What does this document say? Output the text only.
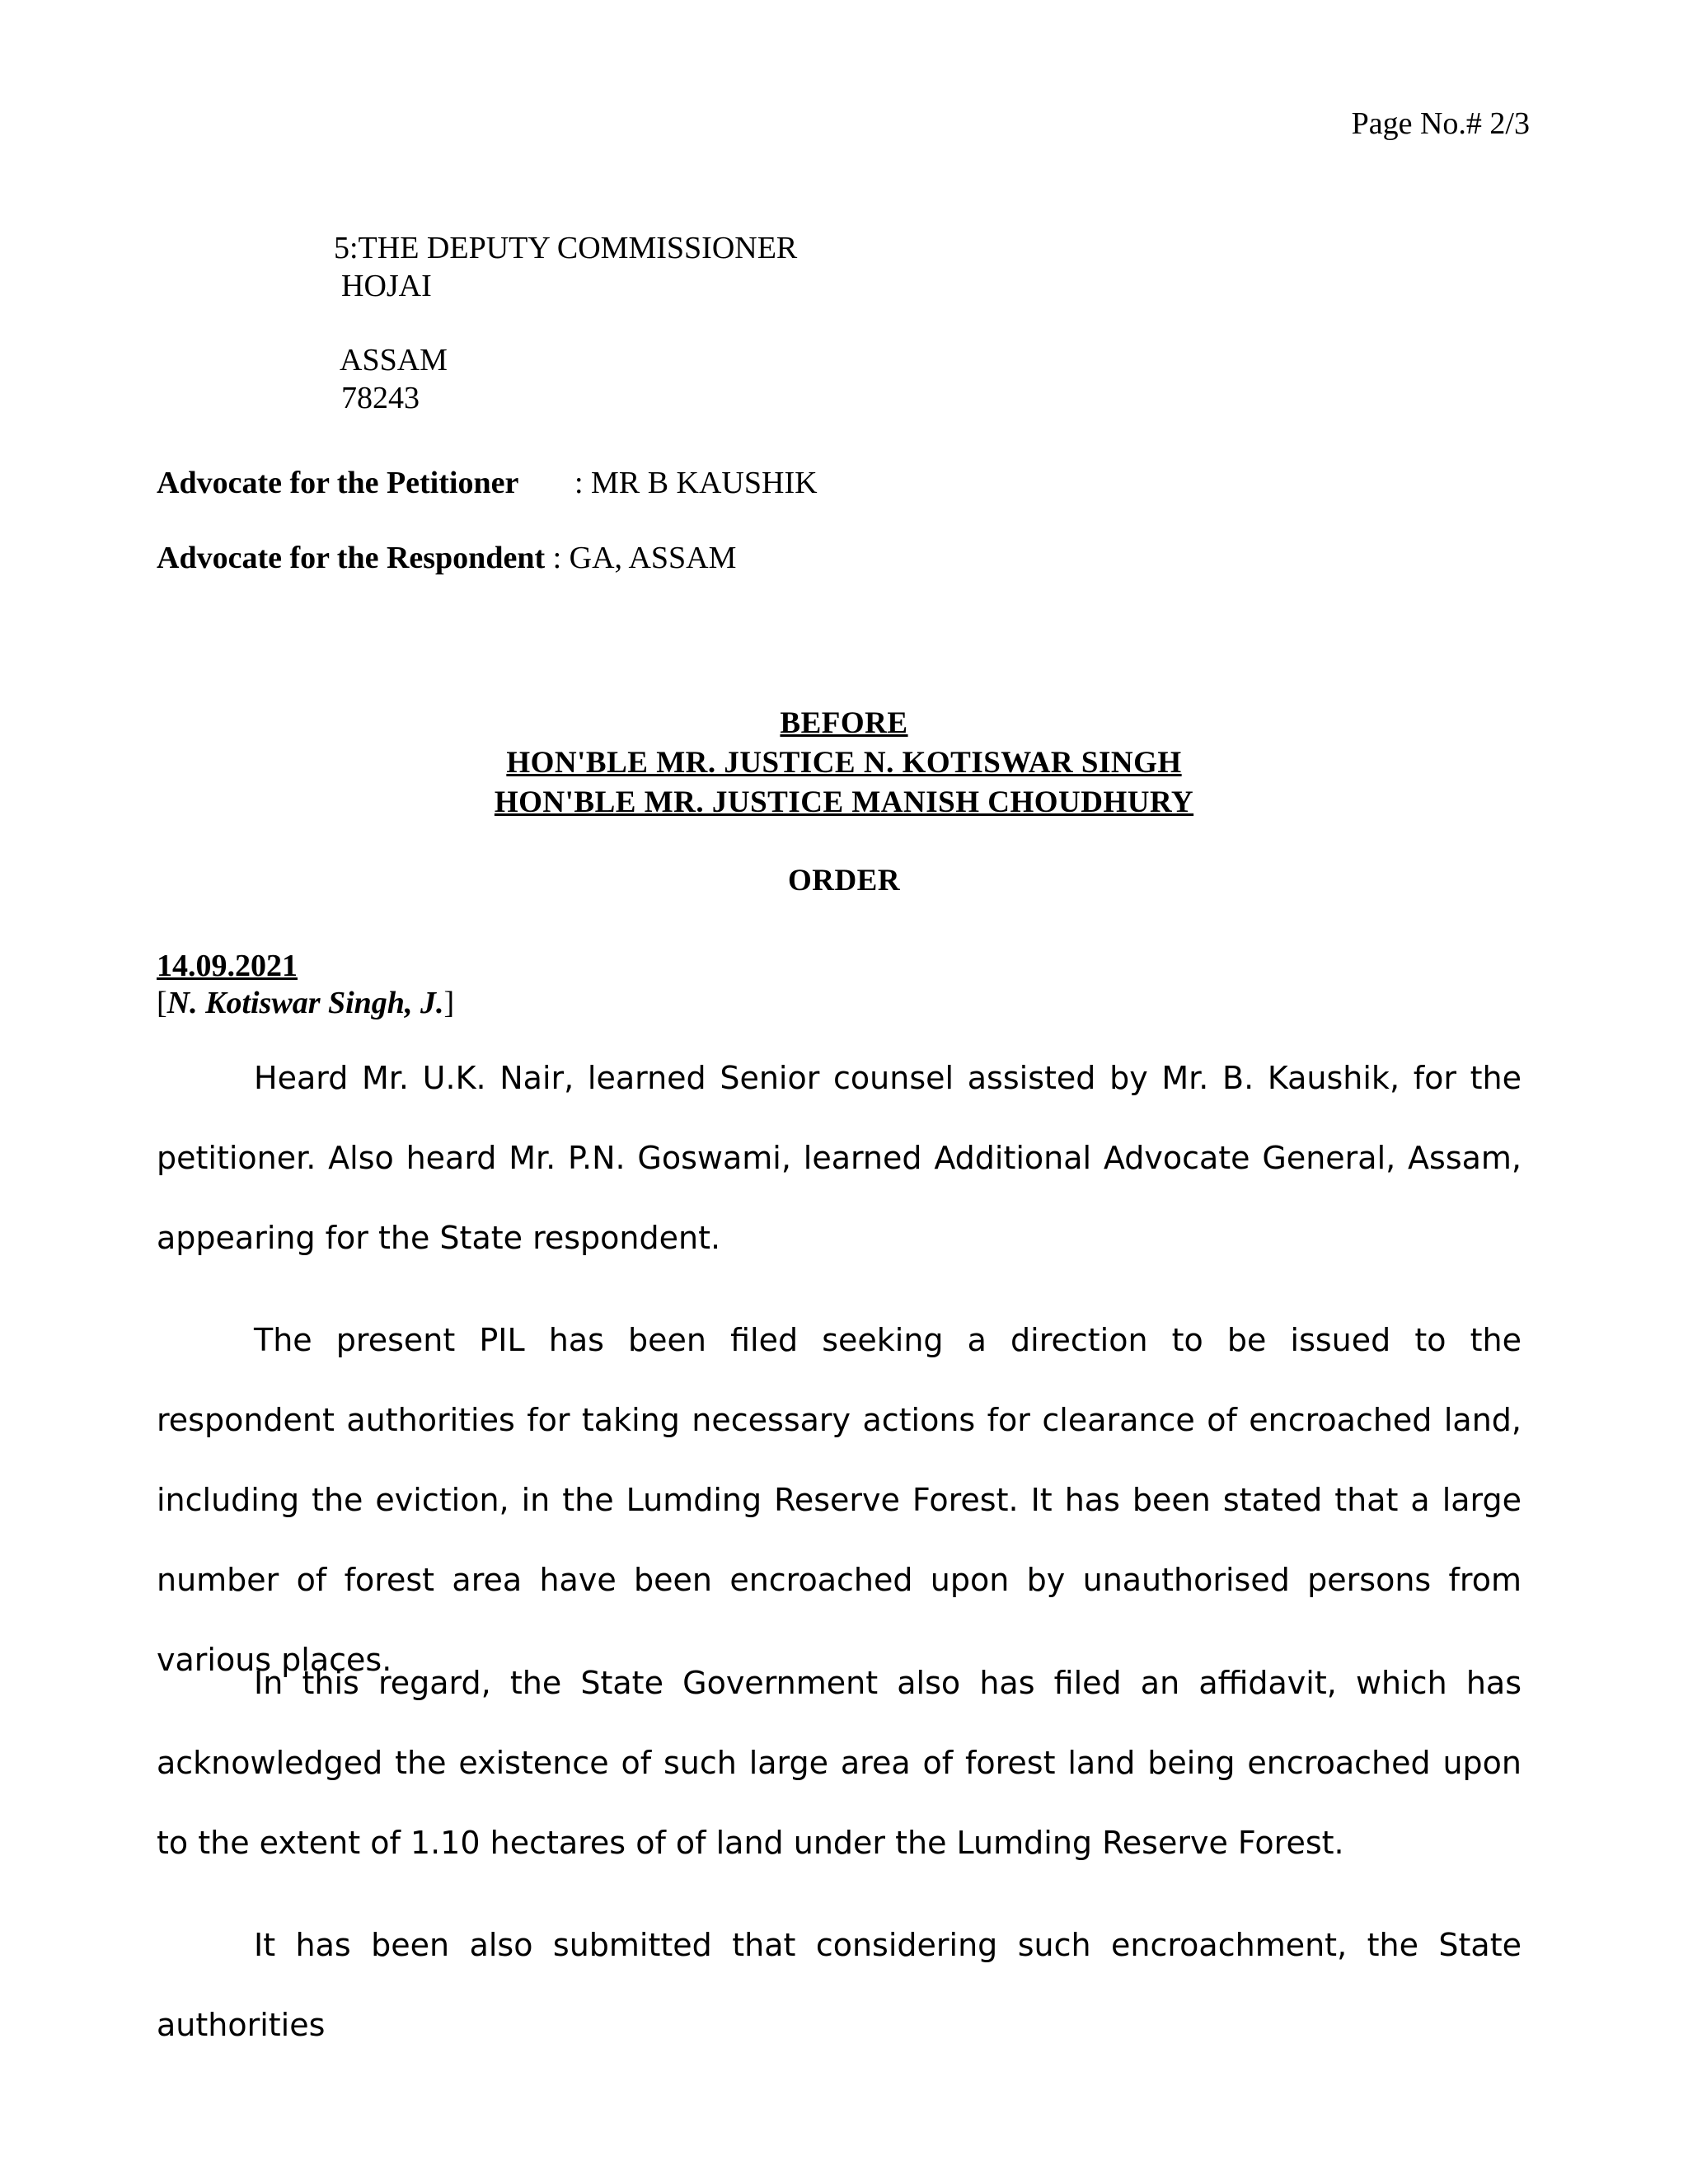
Page No.# 2/3
5:THE DEPUTY COMMISSIONER
HOJAI
ASSAM
78243
Advocate for the Petitioner : MR B KAUSHIK
Advocate for the Respondent : GA, ASSAM
BEFORE
HON'BLE MR. JUSTICE N. KOTISWAR SINGH
HON'BLE MR. JUSTICE MANISH CHOUDHURY
ORDER
14.09.2021
[N. Kotiswar Singh, J.]

Heard Mr. U.K. Nair, learned Senior counsel assisted by Mr. B. Kaushik, for the petitioner. Also heard Mr. P.N. Goswami, learned Additional Advocate General, Assam, appearing for the State respondent.

The present PIL has been filed seeking a direction to be issued to the respondent authorities for taking necessary actions for clearance of encroached land, including the eviction, in the Lumding Reserve Forest. It has been stated that a large number of forest area have been encroached upon by unauthorised persons from various places.

In this regard, the State Government also has filed an affidavit, which has acknowledged the existence of such large area of forest land being encroached upon to the extent of 1.10 hectares of of land under the Lumding Reserve Forest.

It has been also submitted that considering such encroachment, the State authorities
